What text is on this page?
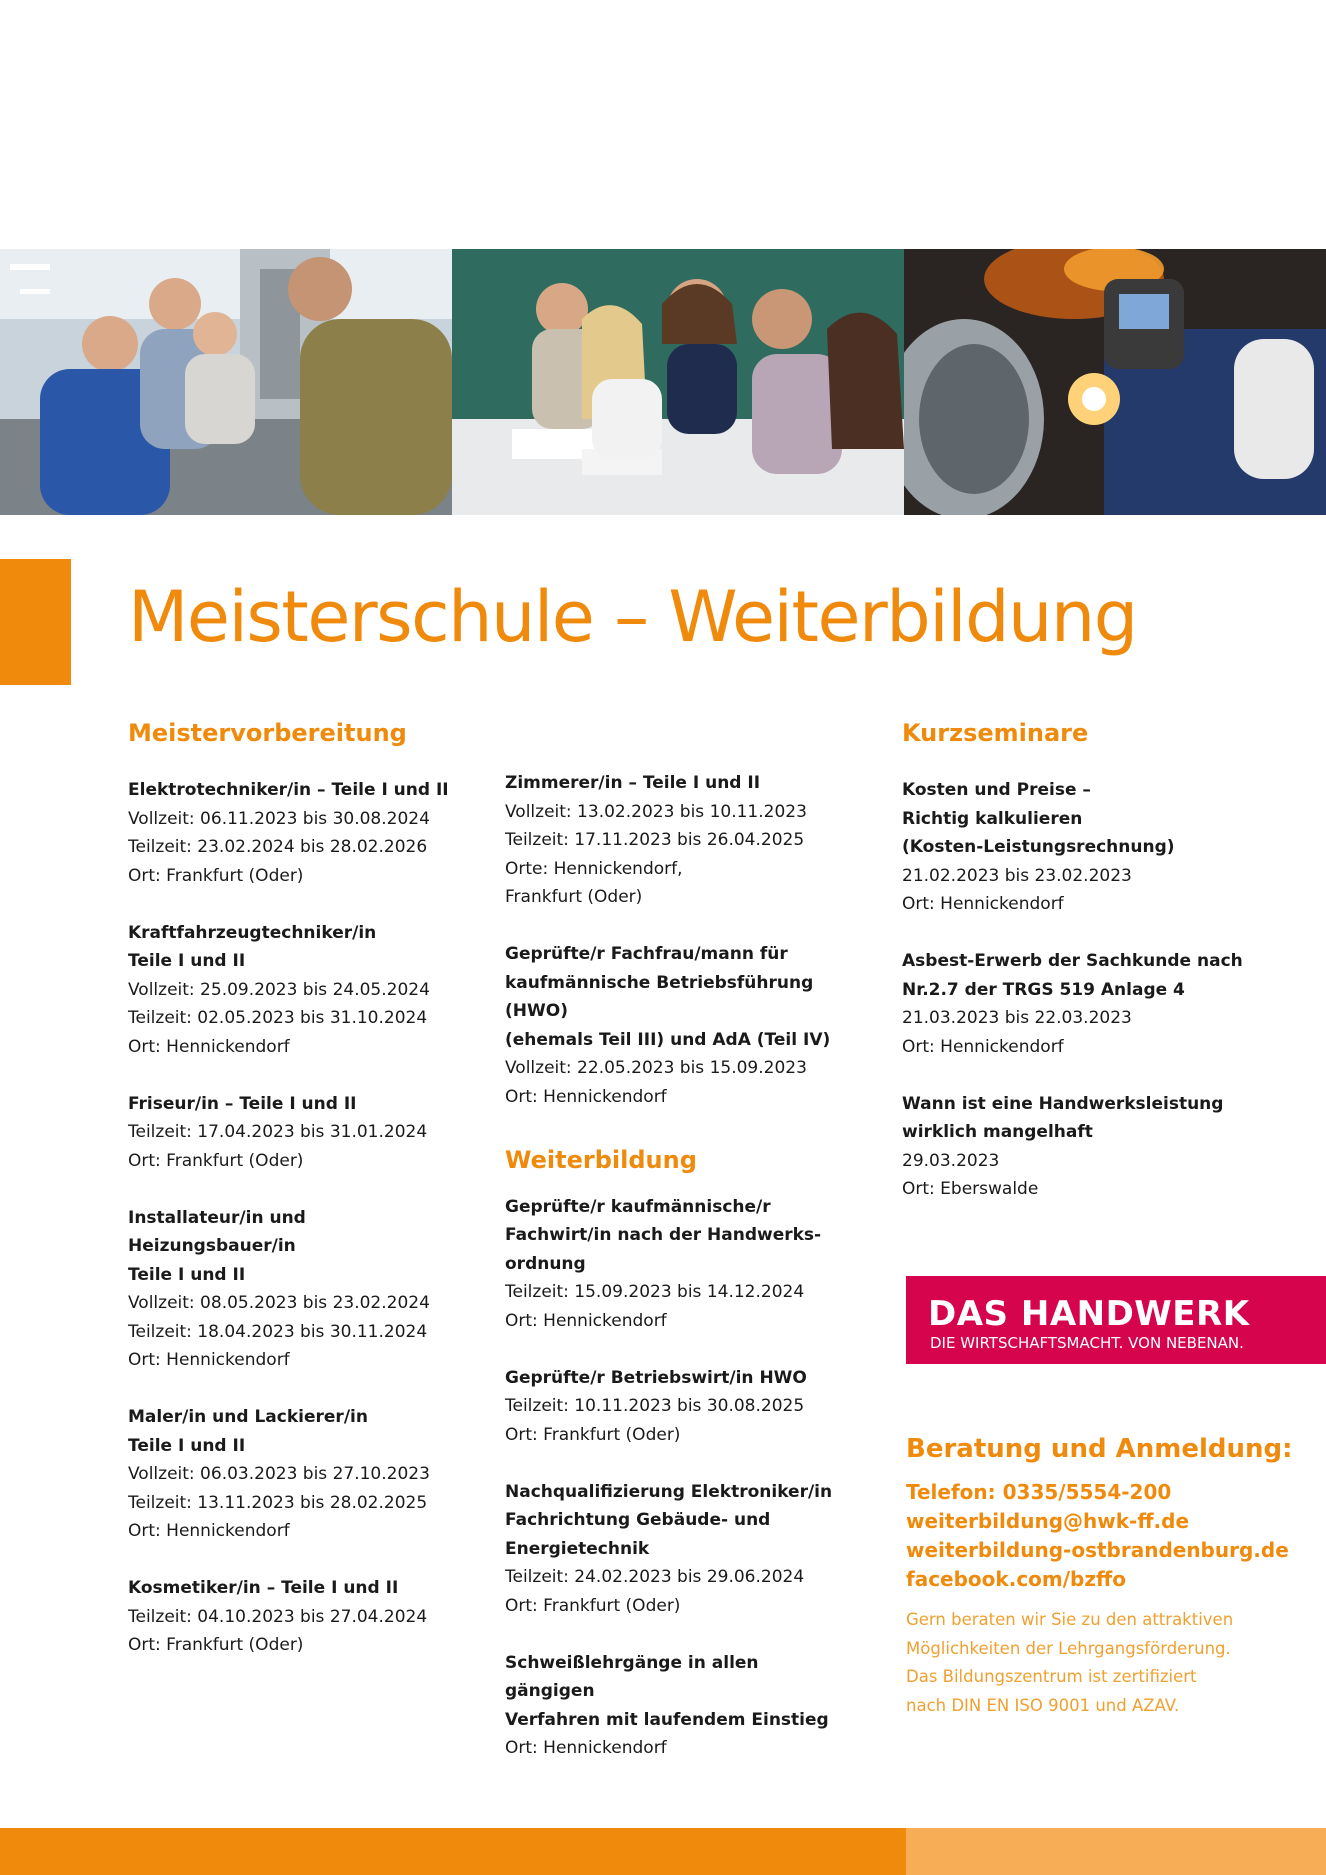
Meisterschule – Weiterbildung
Meistervorbereitung
Elektrotechniker/in – Teile I und II
Vollzeit: 06.11.2023 bis 30.08.2024
Teilzeit: 23.02.2024 bis 28.02.2026
Ort: Frankfurt (Oder)
Kraftfahrzeugtechniker/in
Teile I und II
Vollzeit: 25.09.2023 bis 24.05.2024
Teilzeit: 02.05.2023 bis 31.10.2024
Ort: Hennickendorf
Friseur/in – Teile I und II
Teilzeit: 17.04.2023 bis 31.01.2024
Ort: Frankfurt (Oder)
Installateur/in und Heizungsbauer/in
Teile I und II
Vollzeit: 08.05.2023 bis 23.02.2024
Teilzeit: 18.04.2023 bis 30.11.2024
Ort: Hennickendorf
Maler/in und Lackierer/in
Teile I und II
Vollzeit: 06.03.2023 bis 27.10.2023
Teilzeit: 13.11.2023 bis 28.02.2025
Ort: Hennickendorf
Kosmetiker/in – Teile I und II
Teilzeit: 04.10.2023 bis 27.04.2024
Ort: Frankfurt (Oder)
Zimmerer/in – Teile I und II
Vollzeit: 13.02.2023 bis 10.11.2023
Teilzeit: 17.11.2023 bis 26.04.2025
Orte: Hennickendorf,
Frankfurt (Oder)
Geprüfte/r Fachfrau/mann für
kaufmännische Betriebsführung (HWO)
(ehemals Teil III) und AdA (Teil IV)
Vollzeit: 22.05.2023 bis 15.09.2023
Ort: Hennickendorf
Weiterbildung
Geprüfte/r kaufmännische/r
Fachwirt/in nach der Handwerks-
ordnung
Teilzeit: 15.09.2023 bis 14.12.2024
Ort: Hennickendorf
Geprüfte/r Betriebswirt/in HWO
Teilzeit: 10.11.2023 bis 30.08.2025
Ort: Frankfurt (Oder)
Nachqualifizierung Elektroniker/in
Fachrichtung Gebäude- und
Energietechnik
Teilzeit: 24.02.2023 bis 29.06.2024
Ort: Frankfurt (Oder)
Schweißlehrgänge in allen gängigen
Verfahren mit laufendem Einstieg
Ort: Hennickendorf
Kurzseminare
Kosten und Preise –
Richtig kalkulieren
(Kosten-Leistungsrechnung)
21.02.2023 bis 23.02.2023
Ort: Hennickendorf
Asbest-Erwerb der Sachkunde nach
Nr.2.7 der TRGS 519 Anlage 4
21.03.2023 bis 22.03.2023
Ort: Hennickendorf
Wann ist eine Handwerksleistung
wirklich mangelhaft
29.03.2023
Ort: Eberswalde
DAS HANDWERK
DIE WIRTSCHAFTSMACHT. VON NEBENAN.
Beratung und Anmeldung:
Telefon: 0335/5554-200
weiterbildung@hwk-ff.de
weiterbildung-ostbrandenburg.de
facebook.com/bzffo
Gern beraten wir Sie zu den attraktiven
Möglichkeiten der Lehrgangsförderung.
Das Bildungszentrum ist zertifiziert
nach DIN EN ISO 9001 und AZAV.
